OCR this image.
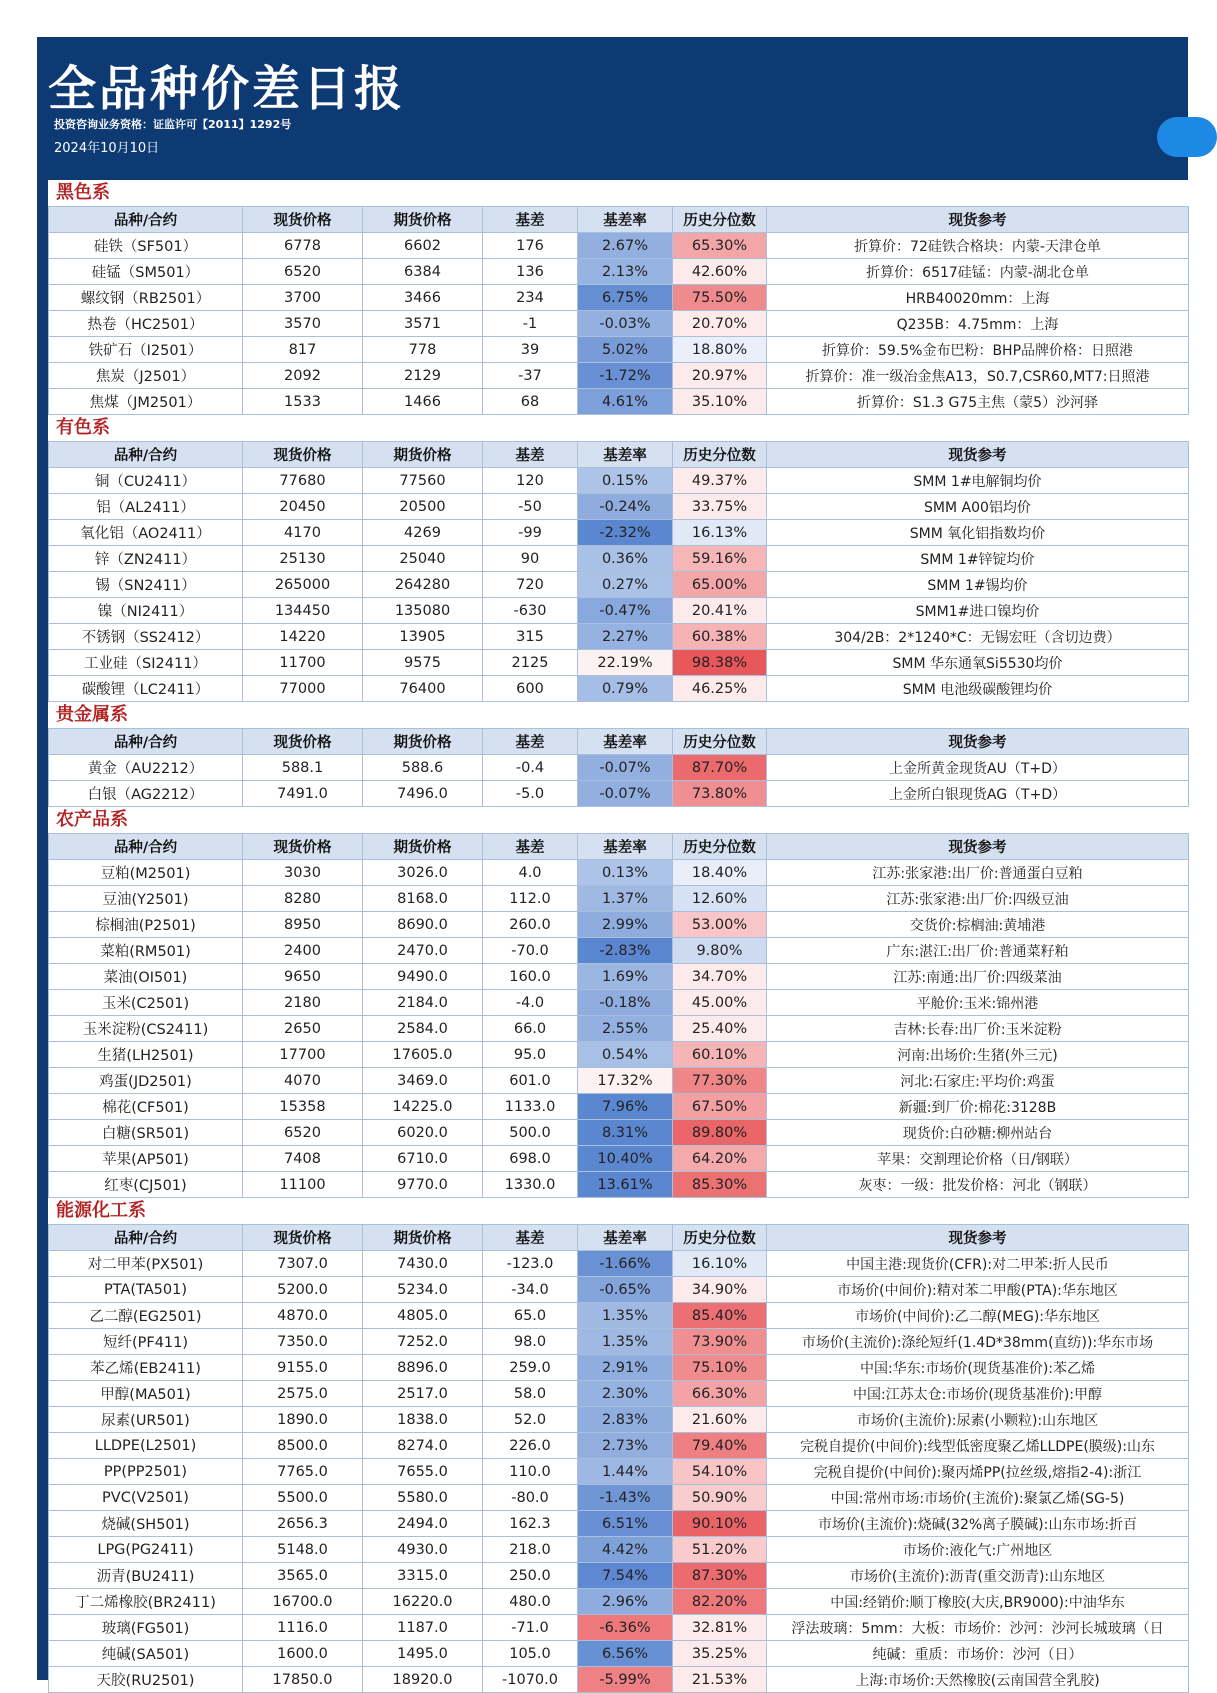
全品种价差日报
投资咨询业务资格：证监许可【2011】1292号
2024年10月10日
黑色系
品种/合约	现货价格	期货价格	基差	基差率	历史分位数	现货参考
硅铁（SF501）	6778	6602	176	2.67%	65.30%	折算价：72硅铁合格块：内蒙-天津仓单
硅锰（SM501）	6520	6384	136	2.13%	42.60%	折算价：6517硅锰：内蒙-湖北仓单
螺纹钢（RB2501）	3700	3466	234	6.75%	75.50%	HRB40020mm：上海
热卷（HC2501）	3570	3571	-1	-0.03%	20.70%	Q235B：4.75mm：上海
铁矿石（I2501）	817	778	39	5.02%	18.80%	折算价：59.5%金布巴粉：BHP品牌价格：日照港
焦炭（J2501）	2092	2129	-37	-1.72%	20.97%	折算价：准一级冶金焦A13，S0.7,CSR60,MT7:日照港
焦煤（JM2501）	1533	1466	68	4.61%	35.10%	折算价：S1.3 G75主焦（蒙5）沙河驿
有色系
品种/合约	现货价格	期货价格	基差	基差率	历史分位数	现货参考
铜（CU2411）	77680	77560	120	0.15%	49.37%	SMM 1#电解铜均价
铝（AL2411）	20450	20500	-50	-0.24%	33.75%	SMM A00铝均价
氧化铝（AO2411）	4170	4269	-99	-2.32%	16.13%	SMM 氧化铝指数均价
锌（ZN2411）	25130	25040	90	0.36%	59.16%	SMM 1#锌锭均价
锡（SN2411）	265000	264280	720	0.27%	65.00%	SMM 1#锡均价
镍（NI2411）	134450	135080	-630	-0.47%	20.41%	SMM1#进口镍均价
不锈钢（SS2412）	14220	13905	315	2.27%	60.38%	304/2B：2*1240*C：无锡宏旺（含切边费）
工业硅（SI2411）	11700	9575	2125	22.19%	98.38%	SMM 华东通氧Si5530均价
碳酸锂（LC2411）	77000	76400	600	0.79%	46.25%	SMM 电池级碳酸锂均价
贵金属系
品种/合约	现货价格	期货价格	基差	基差率	历史分位数	现货参考
黄金（AU2212）	588.1	588.6	-0.4	-0.07%	87.70%	上金所黄金现货AU（T+D）
白银（AG2212）	7491.0	7496.0	-5.0	-0.07%	73.80%	上金所白银现货AG（T+D）
农产品系
品种/合约	现货价格	期货价格	基差	基差率	历史分位数	现货参考
豆粕(M2501)	3030	3026.0	4.0	0.13%	18.40%	江苏:张家港:出厂价:普通蛋白豆粕
豆油(Y2501)	8280	8168.0	112.0	1.37%	12.60%	江苏:张家港:出厂价:四级豆油
棕榈油(P2501)	8950	8690.0	260.0	2.99%	53.00%	交货价:棕榈油:黄埔港
菜粕(RM501)	2400	2470.0	-70.0	-2.83%	9.80%	广东:湛江:出厂价:普通菜籽粕
菜油(OI501)	9650	9490.0	160.0	1.69%	34.70%	江苏:南通:出厂价:四级菜油
玉米(C2501)	2180	2184.0	-4.0	-0.18%	45.00%	平舱价:玉米:锦州港
玉米淀粉(CS2411)	2650	2584.0	66.0	2.55%	25.40%	吉林:长春:出厂价:玉米淀粉
生猪(LH2501)	17700	17605.0	95.0	0.54%	60.10%	河南:出场价:生猪(外三元)
鸡蛋(JD2501)	4070	3469.0	601.0	17.32%	77.30%	河北:石家庄:平均价:鸡蛋
棉花(CF501)	15358	14225.0	1133.0	7.96%	67.50%	新疆:到厂价:棉花:3128B
白糖(SR501)	6520	6020.0	500.0	8.31%	89.80%	现货价:白砂糖:柳州站台
苹果(AP501)	7408	6710.0	698.0	10.40%	64.20%	苹果：交割理论价格（日/钢联）
红枣(CJ501)	11100	9770.0	1330.0	13.61%	85.30%	灰枣：一级：批发价格：河北（钢联）
能源化工系
品种/合约	现货价格	期货价格	基差	基差率	历史分位数	现货参考
对二甲苯(PX501)	7307.0	7430.0	-123.0	-1.66%	16.10%	中国主港:现货价(CFR):对二甲苯:折人民币
PTA(TA501)	5200.0	5234.0	-34.0	-0.65%	34.90%	市场价(中间价):精对苯二甲酸(PTA):华东地区
乙二醇(EG2501)	4870.0	4805.0	65.0	1.35%	85.40%	市场价(中间价):乙二醇(MEG):华东地区
短纤(PF411)	7350.0	7252.0	98.0	1.35%	73.90%	市场价(主流价):涤纶短纤(1.4D*38mm(直纺)):华东市场
苯乙烯(EB2411)	9155.0	8896.0	259.0	2.91%	75.10%	中国:华东:市场价(现货基准价):苯乙烯
甲醇(MA501)	2575.0	2517.0	58.0	2.30%	66.30%	中国:江苏太仓:市场价(现货基准价):甲醇
尿素(UR501)	1890.0	1838.0	52.0	2.83%	21.60%	市场价(主流价):尿素(小颗粒):山东地区
LLDPE(L2501)	8500.0	8274.0	226.0	2.73%	79.40%	完税自提价(中间价):线型低密度聚乙烯LLDPE(膜级):山东
PP(PP2501)	7765.0	7655.0	110.0	1.44%	54.10%	完税自提价(中间价):聚丙烯PP(拉丝级,熔指2-4):浙江
PVC(V2501)	5500.0	5580.0	-80.0	-1.43%	50.90%	中国:常州市场:市场价(主流价):聚氯乙烯(SG-5)
烧碱(SH501)	2656.3	2494.0	162.3	6.51%	90.10%	市场价(主流价):烧碱(32%离子膜碱):山东市场:折百
LPG(PG2411)	5148.0	4930.0	218.0	4.42%	51.20%	市场价:液化气:广州地区
沥青(BU2411)	3565.0	3315.0	250.0	7.54%	87.30%	市场价(主流价):沥青(重交沥青):山东地区
丁二烯橡胶(BR2411)	16700.0	16220.0	480.0	2.96%	82.20%	中国:经销价:顺丁橡胶(大庆,BR9000):中油华东
玻璃(FG501)	1116.0	1187.0	-71.0	-6.36%	32.81%	浮法玻璃：5mm：大板：市场价：沙河：沙河长城玻璃（日
纯碱(SA501)	1600.0	1495.0	105.0	6.56%	35.25%	纯碱：重质：市场价：沙河（日）
天胶(RU2501)	17850.0	18920.0	-1070.0	-5.99%	21.53%	上海:市场价:天然橡胶(云南国营全乳胶)
